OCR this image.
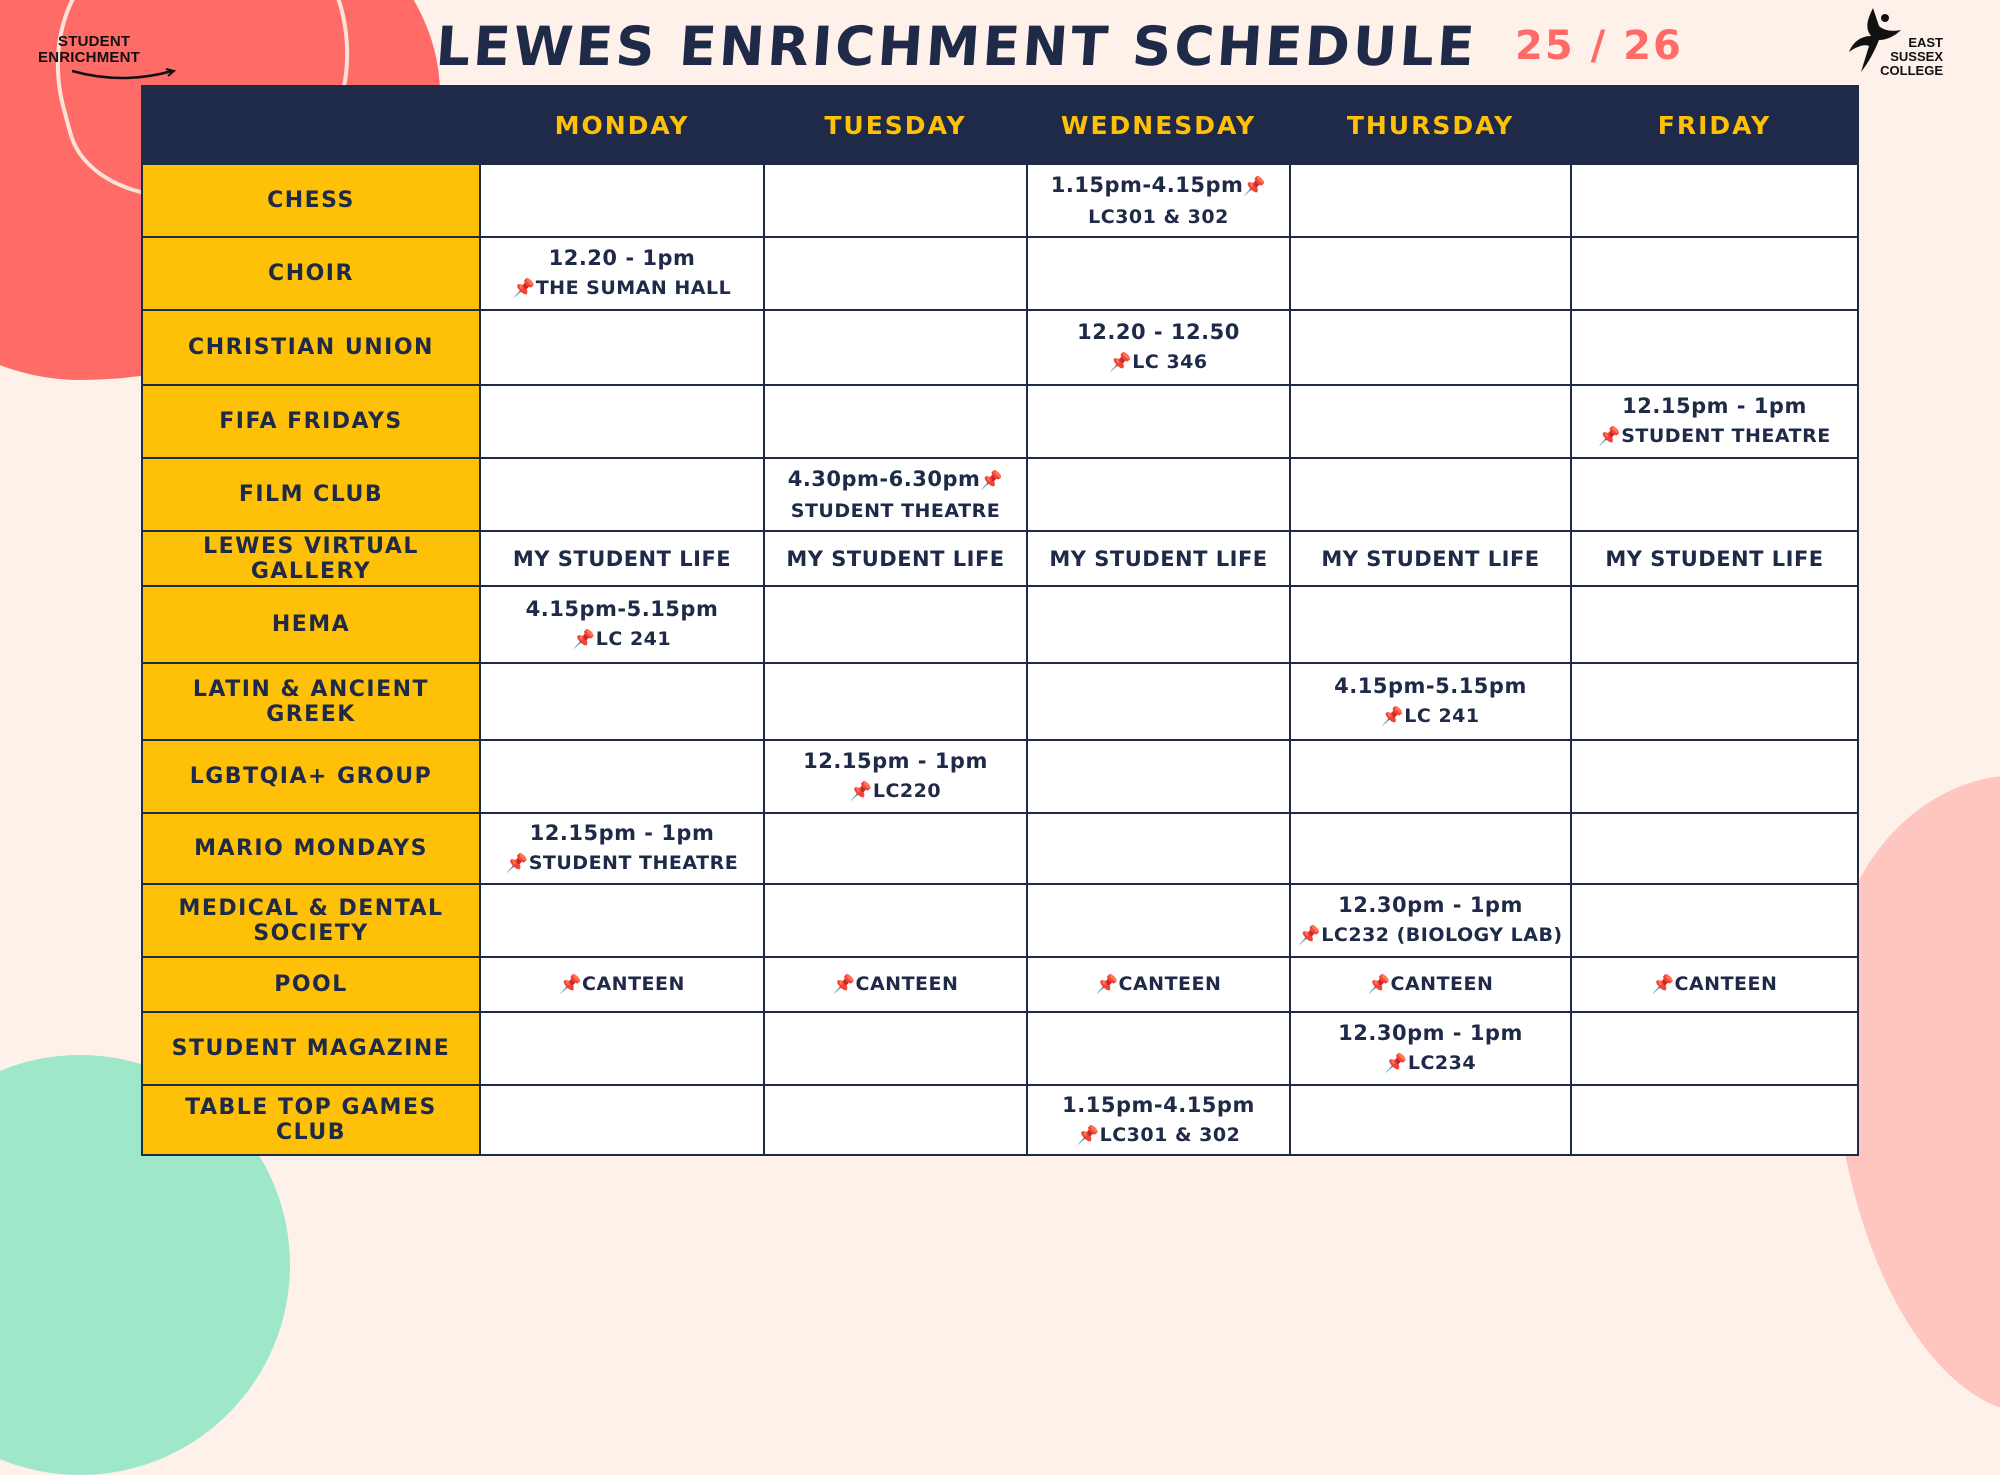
STUDENT
ENRICHMENT	LEWES ENRICHMENT SCHEDULE 25 / 26	EAST
SUSSEX
COLLEGE
	MONDAY	TUESDAY	WEDNESDAY	THURSDAY	FRIDAY
CHESS			1.15pm-4.15pm📌
LC301 & 302		

CHOIR	12.20 - 1pm
📌THE SUMAN HALL				

CHRISTIAN UNION			12.20 - 12.50
📌LC 346		

FIFA FRIDAYS					12.15pm - 1pm
📌STUDENT THEATRE

FILM CLUB		4.30pm-6.30pm📌
STUDENT THEATRE			

LEWES VIRTUAL GALLERY	MY STUDENT LIFE	MY STUDENT LIFE	MY STUDENT LIFE	MY STUDENT LIFE	MY STUDENT LIFE

HEMA	4.15pm-5.15pm
📌LC 241				

LATIN & ANCIENT GREEK				4.15pm-5.15pm
📌LC 241	

LGBTQIA+ GROUP		12.15pm - 1pm
📌LC220			

MARIO MONDAYS	12.15pm - 1pm
📌STUDENT THEATRE				

MEDICAL & DENTAL SOCIETY				12.30pm - 1pm
📌LC232 (BIOLOGY LAB)	

POOL	📌CANTEEN	📌CANTEEN	📌CANTEEN	📌CANTEEN	📌CANTEEN

STUDENT MAGAZINE				12.30pm - 1pm
📌LC234	

TABLE TOP GAMES CLUB			1.15pm-4.15pm
📌LC301 & 302		
